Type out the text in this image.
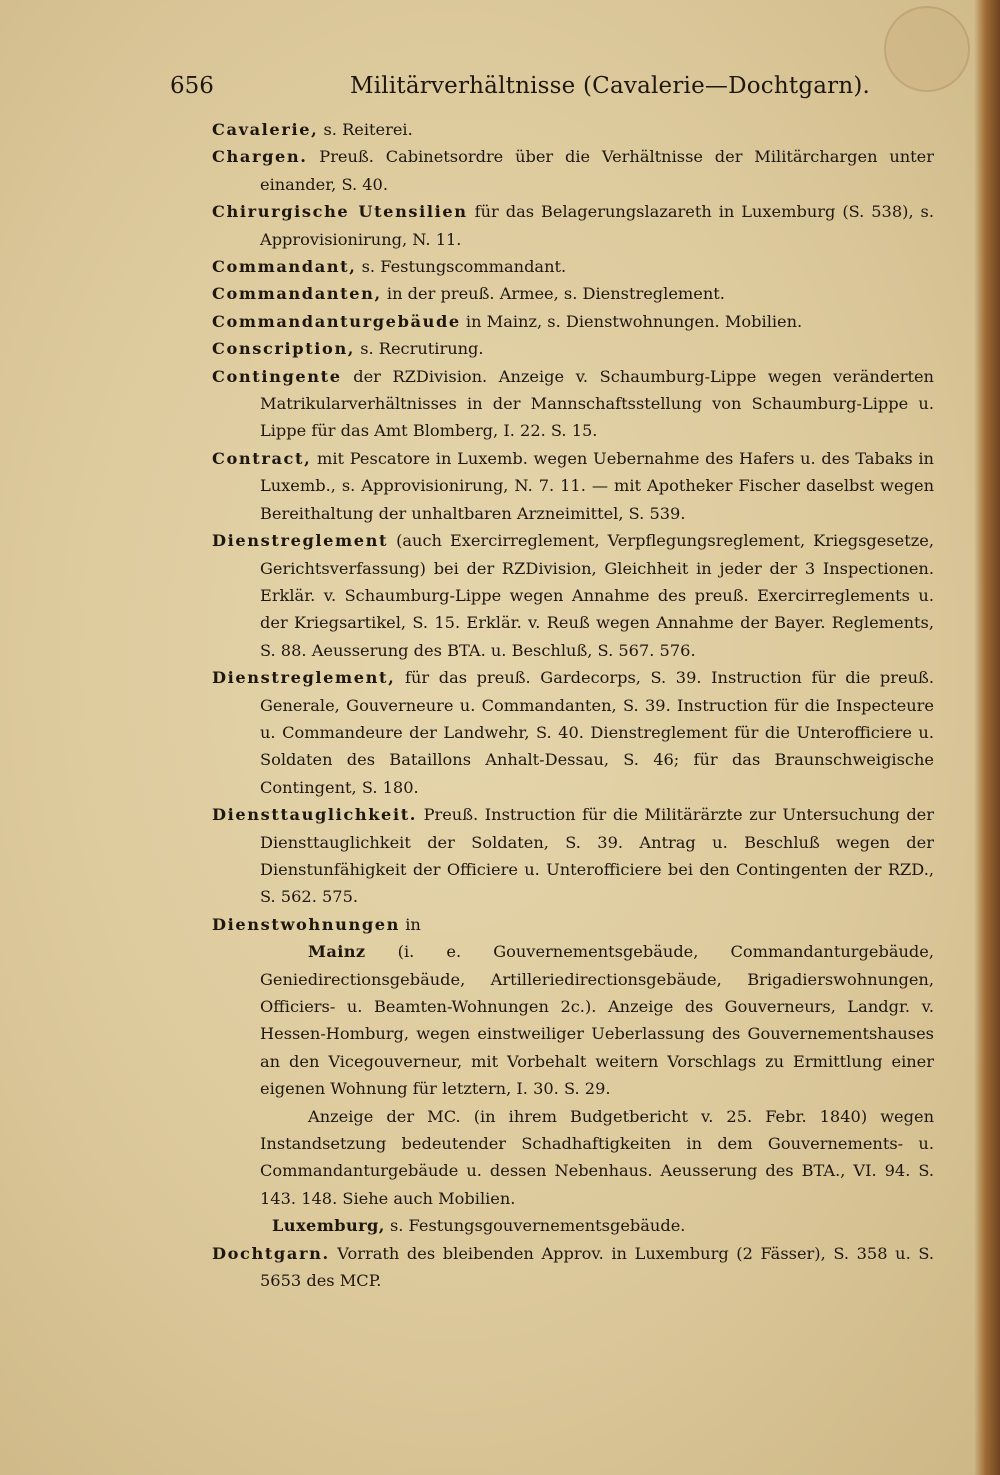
656	Militärverhältnisse (Cavalerie—Dochtgarn).
Cavalerie, s. Reiterei.
Chargen. Preuß. Cabinetsordre über die Verhältnisse der Militärchargen unter einander, S. 40.
Chirurgische Utensilien für das Belagerungslazareth in Luxemburg (S. 538), s. Approvisionirung, N. 11.
Commandant, s. Festungscommandant.
Commandanten, in der preuß. Armee, s. Dienstreglement.
Commandanturgebäude in Mainz, s. Dienstwohnungen. Mobilien.
Conscription, s. Recrutirung.
Contingente der RZDivision. Anzeige v. Schaumburg-Lippe wegen veränderten Matrikularverhältnisses in der Mannschaftsstellung von Schaumburg-Lippe u. Lippe für das Amt Blomberg, I. 22. S. 15.
Contract, mit Pescatore in Luxemb. wegen Uebernahme des Hafers u. des Tabaks in Luxemb., s. Approvisionirung, N. 7. 11. — mit Apotheker Fischer daselbst wegen Bereithaltung der unhaltbaren Arzneimittel, S. 539.
Dienstreglement (auch Exercirreglement, Verpflegungsreglement, Kriegsgesetze, Gerichtsverfassung) bei der RZDivision, Gleichheit in jeder der 3 Inspectionen. Erklär. v. Schaumburg-Lippe wegen Annahme des preuß. Exercirreglements u. der Kriegsartikel, S. 15. Erklär. v. Reuß wegen Annahme der Bayer. Reglements, S. 88. Aeusserung des BTA. u. Beschluß, S. 567. 576.
Dienstreglement, für das preuß. Gardecorps, S. 39. Instruction für die preuß. Generale, Gouverneure u. Commandanten, S. 39. Instruction für die Inspecteure u. Commandeure der Landwehr, S. 40. Dienstreglement für die Unterofficiere u. Soldaten des Bataillons Anhalt-Dessau, S. 46; für das Braunschweigische Contingent, S. 180.
Diensttauglichkeit. Preuß. Instruction für die Militärärzte zur Untersuchung der Diensttauglichkeit der Soldaten, S. 39. Antrag u. Beschluß wegen der Dienstunfähigkeit der Officiere u. Unterofficiere bei den Contingenten der RZD., S. 562. 575.
Dienstwohnungen in
Mainz (i. e. Gouvernementsgebäude, Commandanturgebäude, Geniedirectionsgebäude, Artilleriedirectionsgebäude, Brigadierswohnungen, Officiers- u. Beamten-Wohnungen 2c.). Anzeige des Gouverneurs, Landgr. v. Hessen-Homburg, wegen einstweiliger Ueberlassung des Gouvernementshauses an den Vicegouverneur, mit Vorbehalt weitern Vorschlags zu Ermittlung einer eigenen Wohnung für letztern, I. 30. S. 29.
Anzeige der MC. (in ihrem Budgetbericht v. 25. Febr. 1840) wegen Instandsetzung bedeutender Schadhaftigkeiten in dem Gouvernements- u. Commandanturgebäude u. dessen Nebenhaus. Aeusserung des BTA., VI. 94. S. 143. 148. Siehe auch Mobilien.
Luxemburg, s. Festungsgouvernementsgebäude.
Dochtgarn. Vorrath des bleibenden Approv. in Luxemburg (2 Fässer), S. 358 u. S. 5653 des MCP.
